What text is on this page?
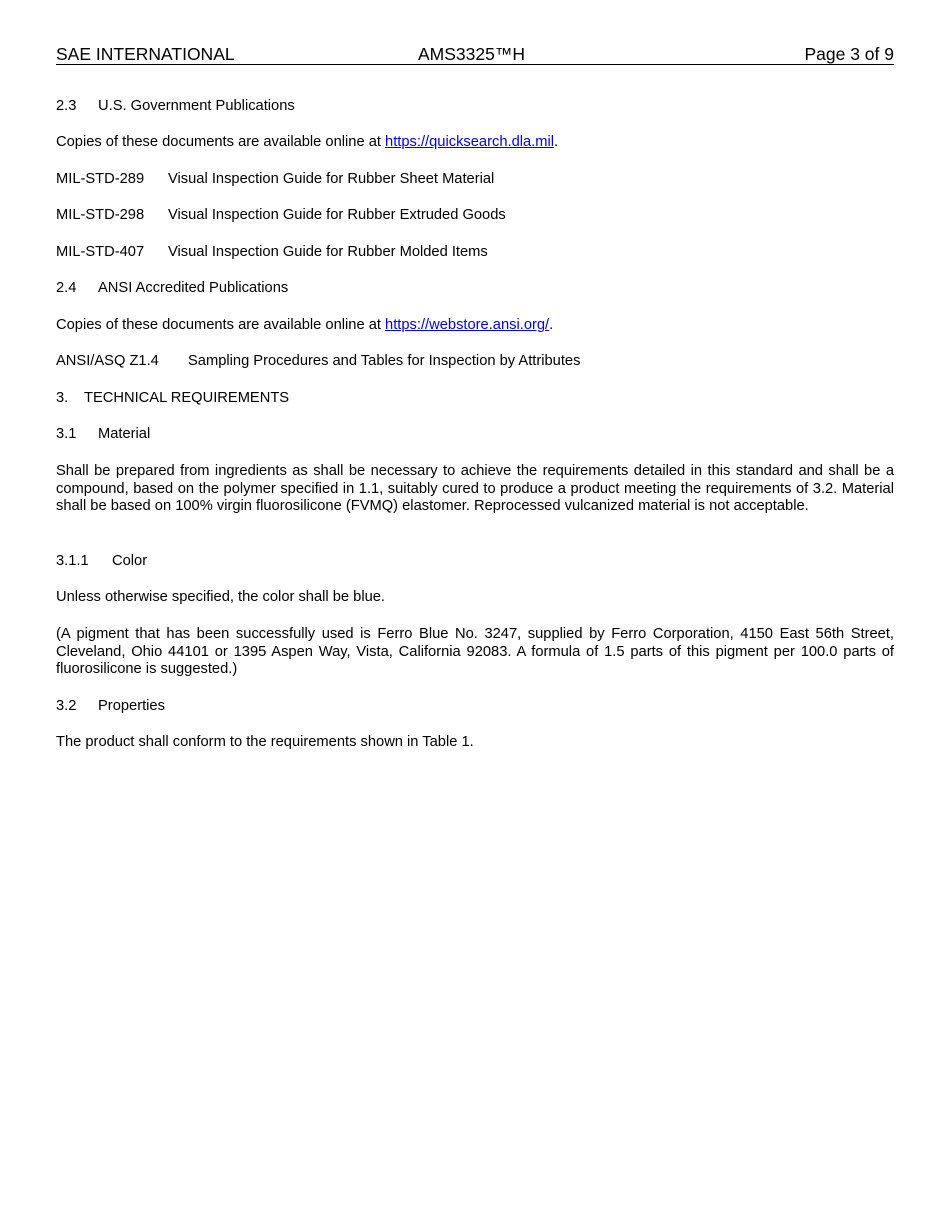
SAE INTERNATIONAL	AMS3325™H	Page 3 of 9
2.3 U.S. Government Publications
Copies of these documents are available online at https://quicksearch.dla.mil.
MIL-STD-289 Visual Inspection Guide for Rubber Sheet Material
MIL-STD-298 Visual Inspection Guide for Rubber Extruded Goods
MIL-STD-407 Visual Inspection Guide for Rubber Molded Items
2.4 ANSI Accredited Publications
Copies of these documents are available online at https://webstore.ansi.org/.
ANSI/ASQ Z1.4 Sampling Procedures and Tables for Inspection by Attributes
3. TECHNICAL REQUIREMENTS
3.1 Material
Shall be prepared from ingredients as shall be necessary to achieve the requirements detailed in this standard and shall be a compound, based on the polymer specified in 1.1, suitably cured to produce a product meeting the requirements of 3.2. Material shall be based on 100% virgin fluorosilicone (FVMQ) elastomer. Reprocessed vulcanized material is not acceptable.
3.1.1 Color
Unless otherwise specified, the color shall be blue.
(A pigment that has been successfully used is Ferro Blue No. 3247, supplied by Ferro Corporation, 4150 East 56th Street, Cleveland, Ohio 44101 or 1395 Aspen Way, Vista, California 92083. A formula of 1.5 parts of this pigment per 100.0 parts of fluorosilicone is suggested.)
3.2 Properties
The product shall conform to the requirements shown in Table 1.
